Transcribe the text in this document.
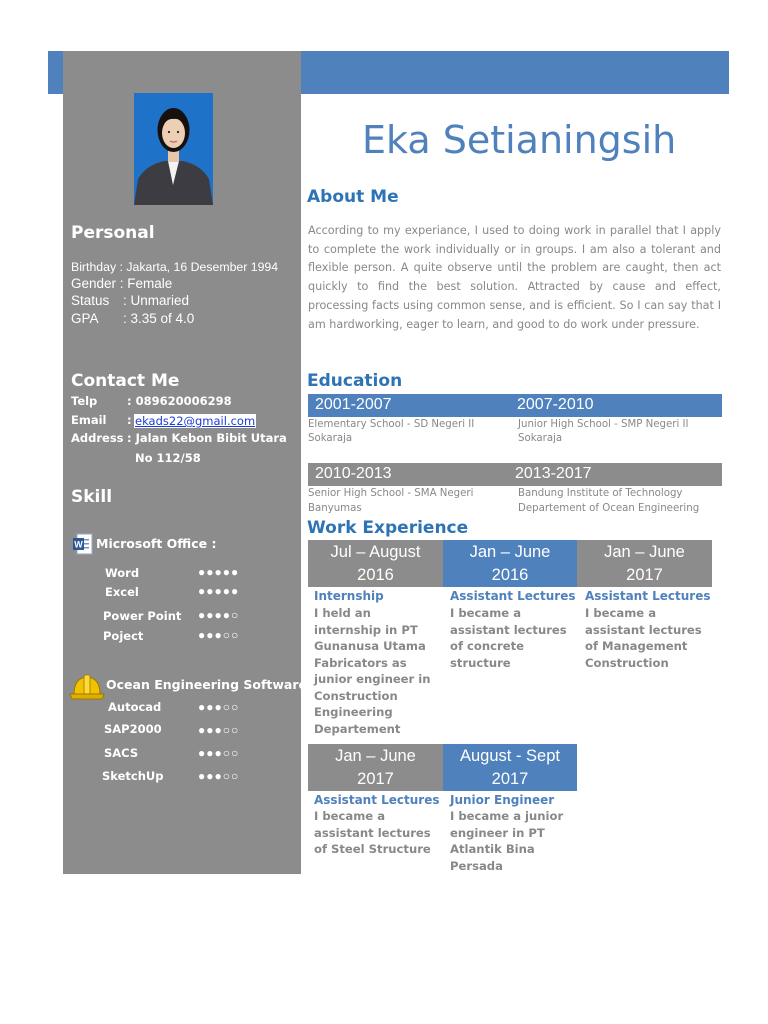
Personal
Birthday : Jakarta, 16 Desember 1994
Gender : Female
Status : Unmaried
GPA : 3.35 of 4.0
Contact Me
Telp	: 089620006298
Email : ekads22@gmail.com
Address : Jalan Kebon Bibit Utara
No 112/58
Skill
W Microsoft Office :
Word	●●●●●
Excel	●●●●●
Power Point ●●●●○
Poject	●●●○○
Ocean Engineering Software :
Autocad	●●●○○
SAP2000	●●●○○
SACS	●●●○○
SketchUp	●●●○○
Eka Setianingsih
About Me
According to my experiance, I used to doing work in parallel that I apply to complete the work individually or in groups. I am also a tolerant and flexible person. A quite observe until the problem are caught, then act quickly to find the best solution. Attracted by cause and effect, processing facts using common sense, and is efficient. So I can say that I am hardworking, eager to learn, and good to do work under pressure.
Education
2001-2007	2007-2010
Elementary School - SD Negeri II
Sokaraja
Junior High School - SMP Negeri II
Sokaraja
2010-2013	2013-2017
Senior High School - SMA Negeri
Banyumas
Bandung Institute of Technology
Departement of Ocean Engineering
Work Experience
Jul – August
2016
Internship
I held an internship in PT Gunanusa Utama Fabricators as junior engineer in Construction Engineering Departement
Jan – June
2016
Assistant Lectures
I became a assistant lectures of concrete structure
Jan – June
2017
Assistant Lectures
I became a assistant lectures of Management Construction
Jan – June
2017
Assistant Lectures
I became a assistant lectures of Steel Structure
August - Sept
2017
Junior Engineer
I became a junior engineer in PT Atlantik Bina Persada
